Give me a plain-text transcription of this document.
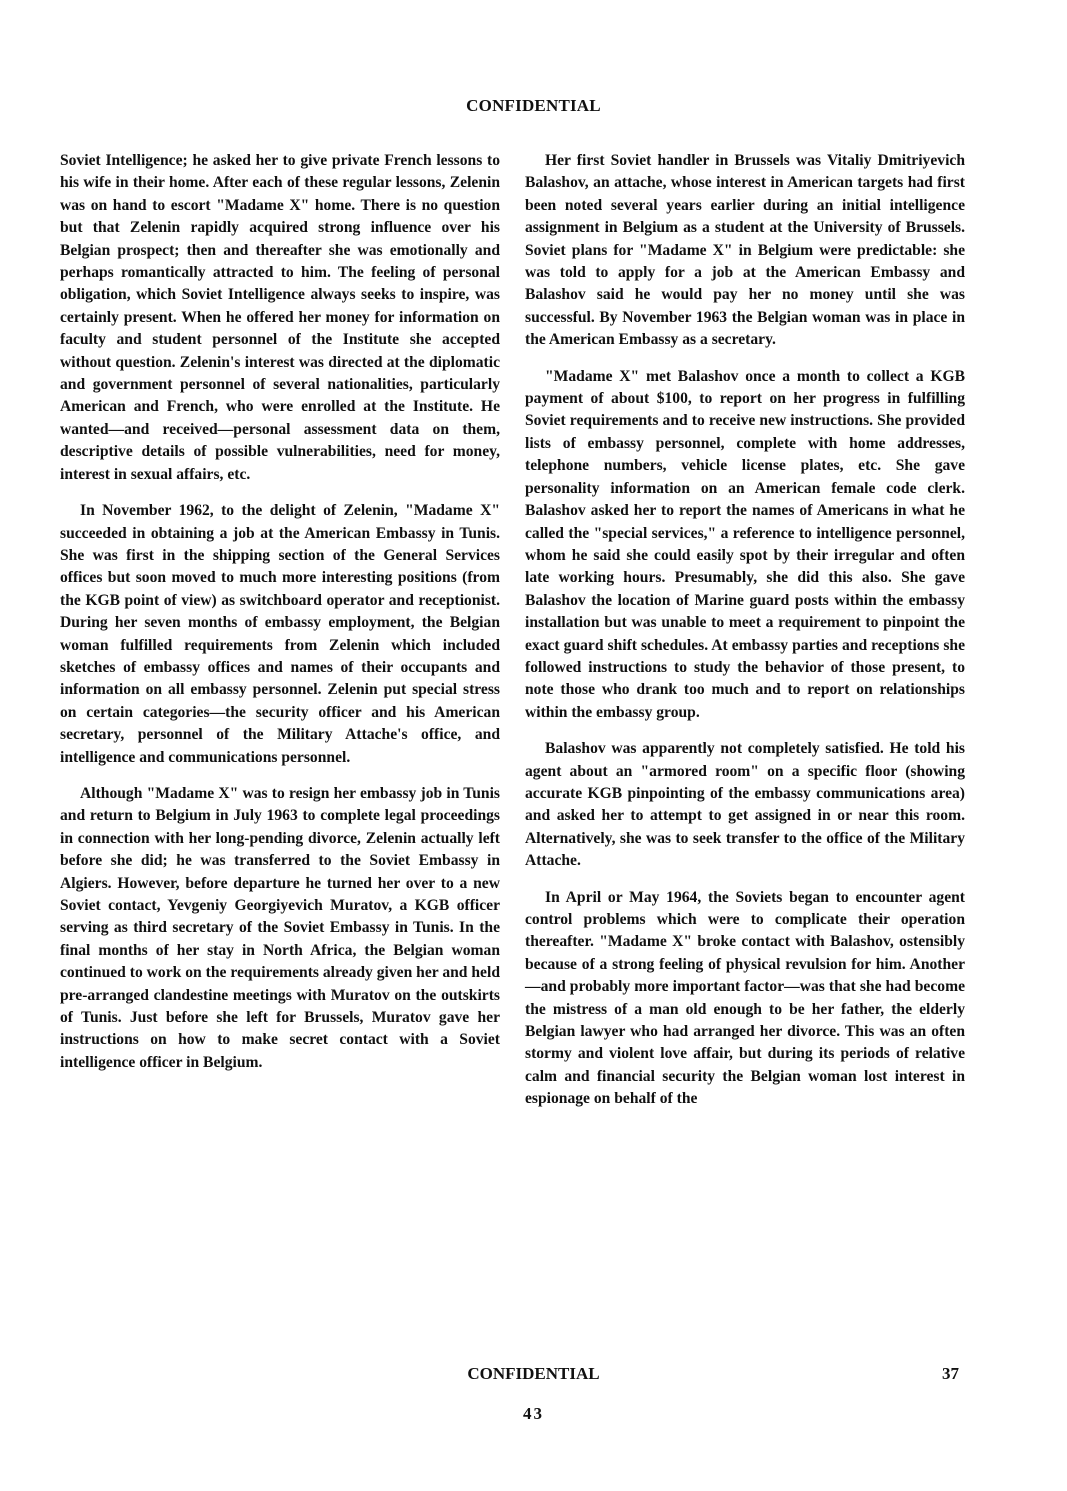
CONFIDENTIAL

Soviet Intelligence; he asked her to give private French lessons to his wife in their home. After each of these regular lessons, Zelenin was on hand to escort "Madame X" home. There is no question but that Zelenin rapidly acquired strong influence over his Belgian prospect; then and thereafter she was emotionally and perhaps romantically attracted to him. The feeling of personal obligation, which Soviet Intelligence always seeks to inspire, was certainly present. When he offered her money for information on faculty and student personnel of the Institute she accepted without question. Zelenin's interest was directed at the diplomatic and government personnel of several nationalities, particularly American and French, who were enrolled at the Institute. He wanted—and received—personal assessment data on them, descriptive details of possible vulnerabilities, need for money, interest in sexual affairs, etc.

In November 1962, to the delight of Zelenin, "Madame X" succeeded in obtaining a job at the American Embassy in Tunis. She was first in the shipping section of the General Services offices but soon moved to much more interesting positions (from the KGB point of view) as switchboard operator and receptionist. During her seven months of embassy employment, the Belgian woman fulfilled requirements from Zelenin which included sketches of embassy offices and names of their occupants and information on all embassy personnel. Zelenin put special stress on certain categories—the security officer and his American secretary, personnel of the Military Attache's office, and intelligence and communications personnel.

Although "Madame X" was to resign her embassy job in Tunis and return to Belgium in July 1963 to complete legal proceedings in connection with her long-pending divorce, Zelenin actually left before she did; he was transferred to the Soviet Embassy in Algiers. However, before departure he turned her over to a new Soviet contact, Yevgeniy Georgiyevich Muratov, a KGB officer serving as third secretary of the Soviet Embassy in Tunis. In the final months of her stay in North Africa, the Belgian woman continued to work on the requirements already given her and held pre-arranged clandestine meetings with Muratov on the outskirts of Tunis. Just before she left for Brussels, Muratov gave her instructions on how to make secret contact with a Soviet intelligence officer in Belgium.

Her first Soviet handler in Brussels was Vitaliy Dmitriyevich Balashov, an attache, whose interest in American targets had first been noted several years earlier during an initial intelligence assignment in Belgium as a student at the University of Brussels. Soviet plans for "Madame X" in Belgium were predictable: she was told to apply for a job at the American Embassy and Balashov said he would pay her no money until she was successful. By November 1963 the Belgian woman was in place in the American Embassy as a secretary.

"Madame X" met Balashov once a month to collect a KGB payment of about $100, to report on her progress in fulfilling Soviet requirements and to receive new instructions. She provided lists of embassy personnel, complete with home addresses, telephone numbers, vehicle license plates, etc. She gave personality information on an American female code clerk. Balashov asked her to report the names of Americans in what he called the "special services," a reference to intelligence personnel, whom he said she could easily spot by their irregular and often late working hours. Presumably, she did this also. She gave Balashov the location of Marine guard posts within the embassy installation but was unable to meet a requirement to pinpoint the exact guard shift schedules. At embassy parties and receptions she followed instructions to study the behavior of those present, to note those who drank too much and to report on relationships within the embassy group.

Balashov was apparently not completely satisfied. He told his agent about an "armored room" on a specific floor (showing accurate KGB pinpointing of the embassy communications area) and asked her to attempt to get assigned in or near this room. Alternatively, she was to seek transfer to the office of the Military Attache.

In April or May 1964, the Soviets began to encounter agent control problems which were to complicate their operation thereafter. "Madame X" broke contact with Balashov, ostensibly because of a strong feeling of physical revulsion for him. Another—and probably more important factor—was that she had become the mistress of a man old enough to be her father, the elderly Belgian lawyer who had arranged her divorce. This was an often stormy and violent love affair, but during its periods of relative calm and financial security the Belgian woman lost interest in espionage on behalf of the

CONFIDENTIAL	37
43
